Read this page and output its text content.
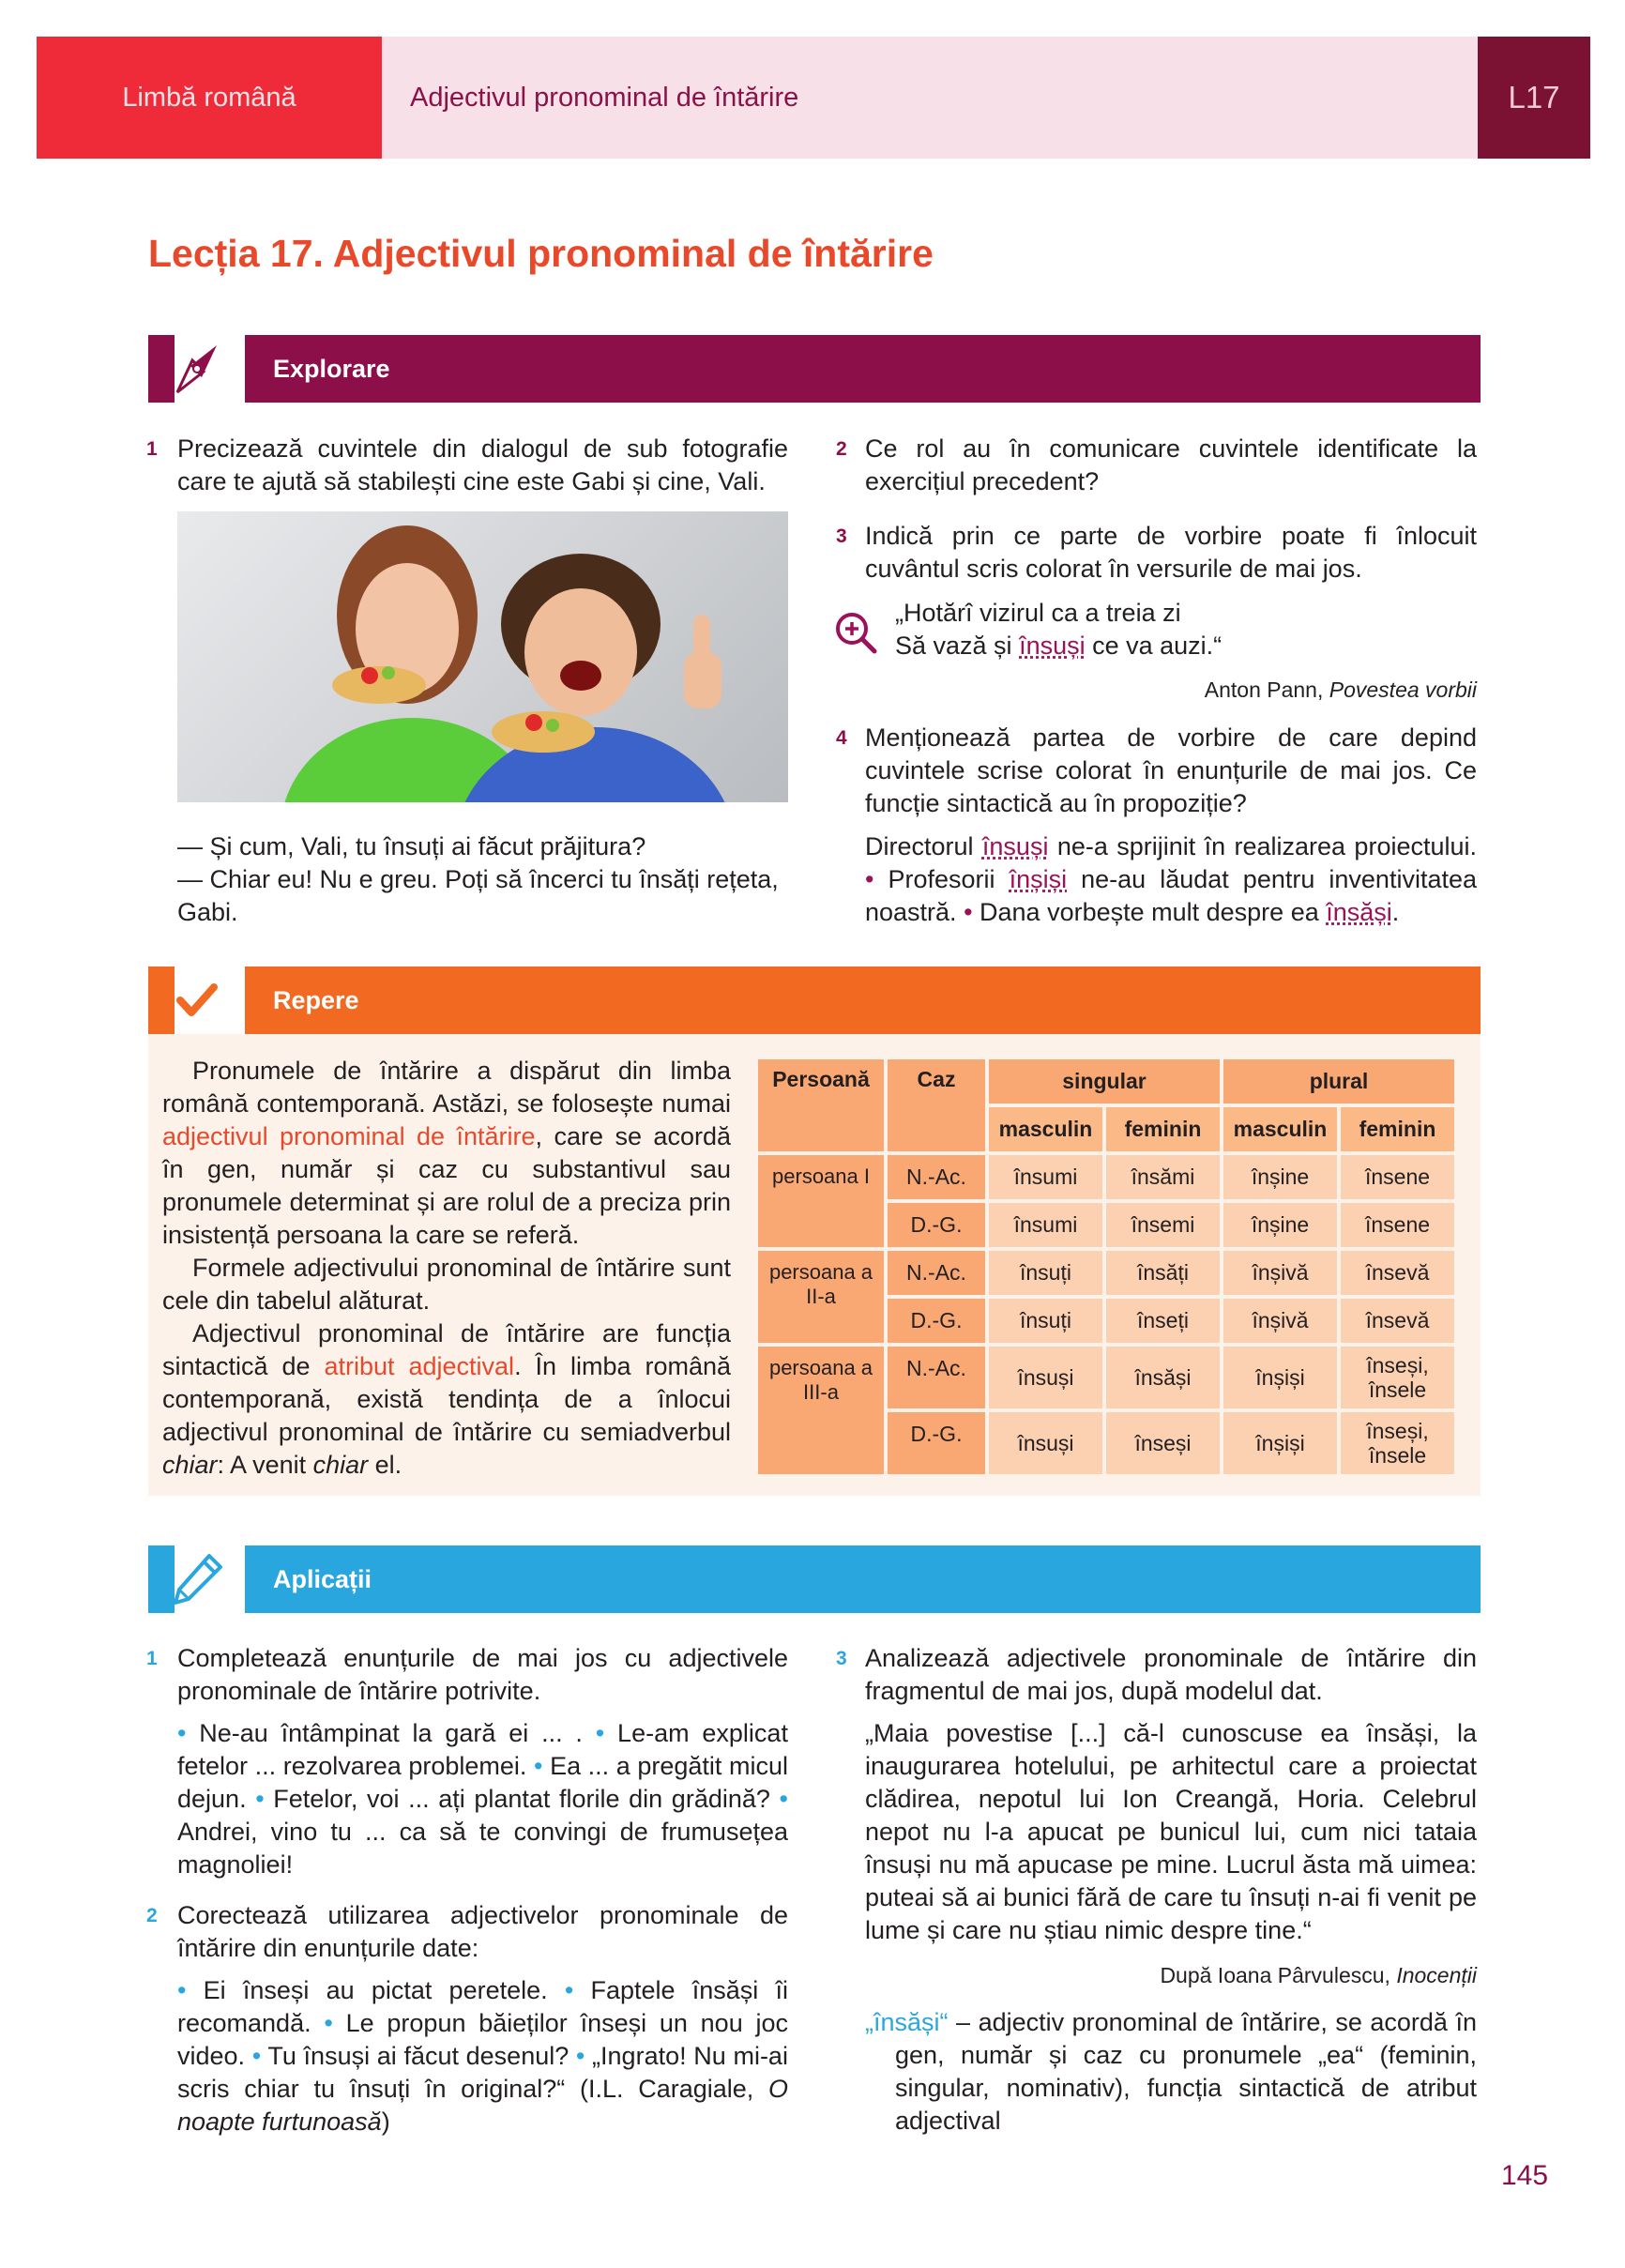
Limbă română	Adjectivul pronominal de întărire	L17
Lecția 17. Adjectivul pronominal de întărire
Explorare
1 Precizează cuvintele din dialogul de sub fotografie care te ajută să stabilești cine este Gabi și cine, Vali.
— Și cum, Vali, tu însuți ai făcut prăjitura?
— Chiar eu! Nu e greu. Poți să încerci tu însăți rețeta, Gabi.
2 Ce rol au în comunicare cuvintele identificate la exercițiul precedent?
3 Indică prin ce parte de vorbire poate fi înlocuit cuvântul scris colorat în versurile de mai jos.
„Hotărî vizirul ca a treia zi
Să vază și însuși ce va auzi.“
Anton Pann, Povestea vorbii
4 Menționează partea de vorbire de care depind cuvintele scrise colorat în enunțurile de mai jos. Ce funcție sintactică au în propoziție?
Directorul însuși ne-a sprijinit în realizarea proiectului. • Profesorii înșiși ne-au lăudat pentru inventivitatea noastră. • Dana vorbește mult despre ea însăși.
Repere

Pronumele de întărire a dispărut din limba română contemporană. Astăzi, se folosește numai adjectivul pronominal de întărire, care se acordă în gen, număr și caz cu substantivul sau pronumele determinat și are rolul de a preciza prin insistență persoana la care se referă.

Formele adjectivului pronominal de întărire sunt cele din tabelul alăturat.

Adjectivul pronominal de întărire are funcția sintactică de atribut adjectival. În limba română contemporană, există tendința de a înlocui adjectivul pronominal de întărire cu semiadverbul chiar: A venit chiar el.

Persoană	Caz	singular		plural	
		masculin	feminin	masculin	feminin
persoana I	N.-Ac.	însumi	însămi	înșine	însene
	D.-G.	însumi	însemi	înșine	însene
persoana a II-a	N.-Ac.	însuți	însăți	înșivă	însevă
	D.-G.	însuți	înseți	înșivă	însevă
persoana a III-a	N.-Ac.	însuși	însăși	înșiși	înseși, însele
	D.-G.	însuși	înseși	înșiși	înseși, însele
Aplicații
1 Completează enunțurile de mai jos cu adjectivele pronominale de întărire potrivite.
• Ne-au întâmpinat la gară ei ... . • Le-am explicat fetelor ... rezolvarea problemei. • Ea ... a pregătit micul dejun. • Fetelor, voi ... ați plantat florile din grădină? • Andrei, vino tu ... ca să te convingi de frumusețea magnoliei!
2 Corectează utilizarea adjectivelor pronominale de întărire din enunțurile date:
• Ei înseși au pictat peretele. • Faptele însăși îi recomandă. • Le propun băieților înseși un nou joc video. • Tu însuși ai făcut desenul? • „Ingrato! Nu mi-ai scris chiar tu însuți în original?“ (I.L. Caragiale, O noapte furtunoasă)
3 Analizează adjectivele pronominale de întărire din fragmentul de mai jos, după modelul dat.
„Maia povestise [...] că-l cunoscuse ea însăși, la inaugurarea hotelului, pe arhitectul care a proiectat clădirea, nepotul lui Ion Creangă, Horia. Celebrul nepot nu l-a apucat pe bunicul lui, cum nici tataia însuși nu mă apucase pe mine. Lucrul ăsta mă uimea: puteai să ai bunici fără de care tu însuți n-ai fi venit pe lume și care nu știau nimic despre tine.“
După Ioana Pârvulescu, Inocenții
„însăși“ – adjectiv pronominal de întărire, se acordă în gen, număr și caz cu pronumele „ea“ (feminin, singular, nominativ), funcția sintactică de atribut adjectival
145
